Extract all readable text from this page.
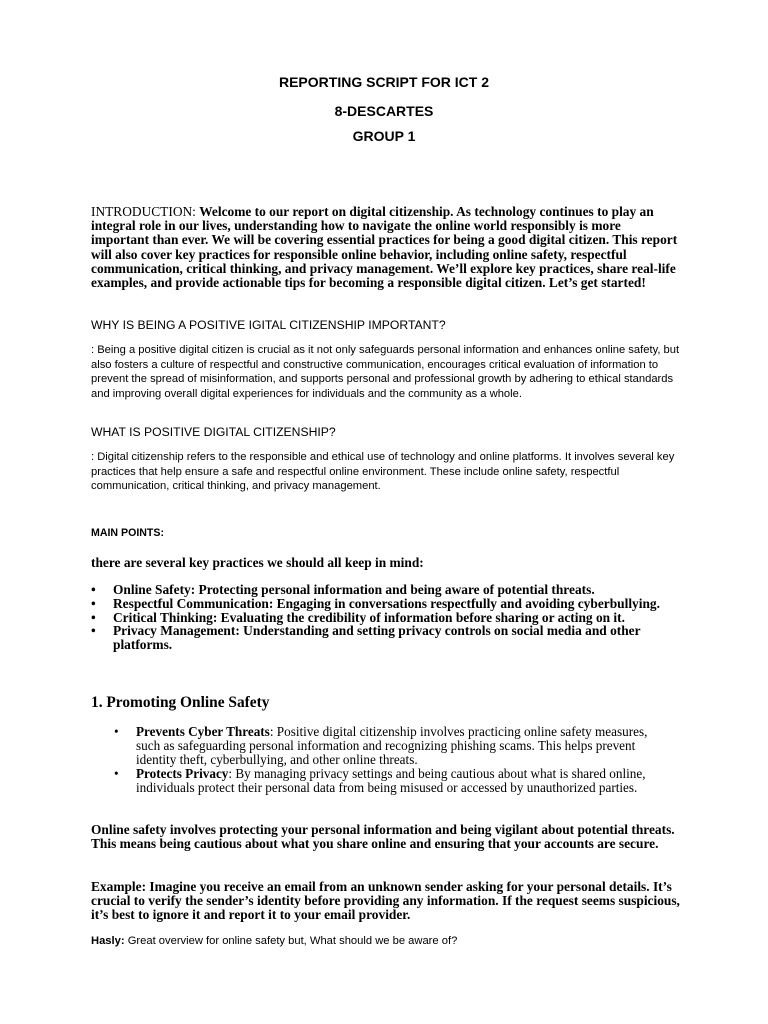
REPORTING SCRIPT FOR ICT 2
8-DESCARTES
GROUP 1

INTRODUCTION: Welcome to our report on digital citizenship. As technology continues to play an integral role in our lives, understanding how to navigate the online world responsibly is more important than ever. We will be covering essential practices for being a good digital citizen. This report will also cover key practices for responsible online behavior, including online safety, respectful communication, critical thinking, and privacy management. We’ll explore key practices, share real-life examples, and provide actionable tips for becoming a responsible digital citizen. Let’s get started!

WHY IS BEING A POSITIVE IGITAL CITIZENSHIP IMPORTANT?

: Being a positive digital citizen is crucial as it not only safeguards personal information and enhances online safety, but also fosters a culture of respectful and constructive communication, encourages critical evaluation of information to prevent the spread of misinformation, and supports personal and professional growth by adhering to ethical standards and improving overall digital experiences for individuals and the community as a whole.

WHAT IS POSITIVE DIGITAL CITIZENSHIP?

: Digital citizenship refers to the responsible and ethical use of technology and online platforms. It involves several key practices that help ensure a safe and respectful online environment. These include online safety, respectful communication, critical thinking, and privacy management.

MAIN POINTS:
there are several key practices we should all keep in mind:
• Online Safety: Protecting personal information and being aware of potential threats.
• Respectful Communication: Engaging in conversations respectfully and avoiding cyberbullying.
• Critical Thinking: Evaluating the credibility of information before sharing or acting on it.
• Privacy Management: Understanding and setting privacy controls on social media and other platforms.
1. Promoting Online Safety
• Prevents Cyber Threats: Positive digital citizenship involves practicing online safety measures, such as safeguarding personal information and recognizing phishing scams. This helps prevent identity theft, cyberbullying, and other online threats.
• Protects Privacy: By managing privacy settings and being cautious about what is shared online, individuals protect their personal data from being misused or accessed by unauthorized parties.

Online safety involves protecting your personal information and being vigilant about potential threats. This means being cautious about what you share online and ensuring that your accounts are secure.

Example: Imagine you receive an email from an unknown sender asking for your personal details. It’s crucial to verify the sender’s identity before providing any information. If the request seems suspicious, it’s best to ignore it and report it to your email provider.

Hasly: Great overview for online safety but, What should we be aware of?
